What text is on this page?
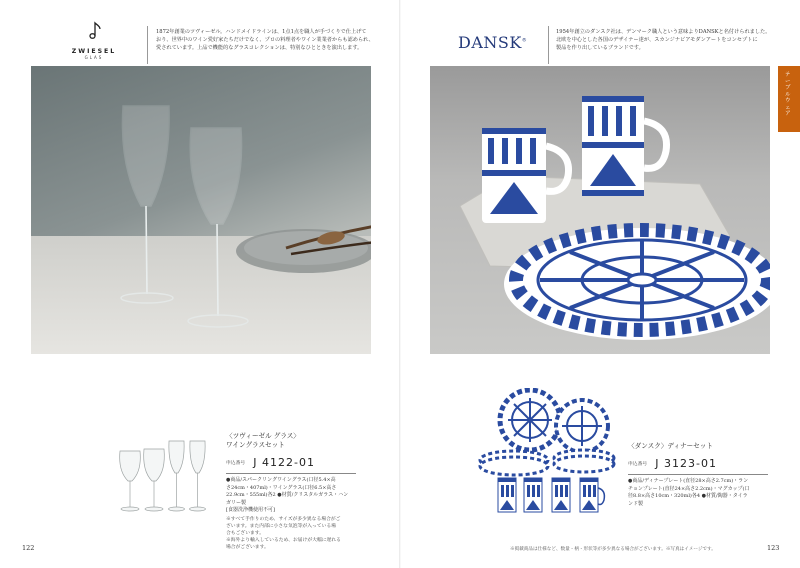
ZWIESEL
GLAS
1872年創業のツヴィーゼル。ハンドメイドラインは、1点1点を職人が手づくりで仕上げて
おり、世界中のワイン愛好家たちだけでなく、プロの料理者やワイン業業者からも認められ、
愛されています。上品で機能的なグラスコレクションは、特別なひとときを演出します。
〈ツヴィーゼル グラス〉
ワイングラスセット
申込番号 J 4122-01
●商品/スパークリングワイングラス(口径5.4×高
さ24cm・407ml)・ワイングラス(口径6.5×高さ
22.9cm・555ml)各2 ●材質/クリスタルガラス・ハン
ガリー製
[食器洗浄機使用不可]
※すべて手作りのため、サイズが多少異なる場合がご
ざいます。また内部に小さな気泡等が入っている場
合もございます。
※海外より輸入しているため、お届けが大幅に遅れる
場合がございます。
122
DANSK®
1954年創立のダンスク社は、デンマーク職人という意味よりDANSKと名付けられました。
北欧を中心とした各国のデザイナー達が、スカンジナビアモダンアートをコンセプトに
製品を作り出しているブランドです。
〈ダンスク〉ディナーセット
申込番号 J 3123-01
●商品/ディナープレート(直径28×高さ2.7cm)・ラン
チョンプレート(直径24×高さ2.2cm)・マグカップ(口
径8.8×高さ10cm・320ml)各4 ●材質/陶器・タイラ
ンド製
※掲載商品は仕様など、数量・柄・形状等が多少異なる場合がございます。※写真はイメージです。	123
テーブルウェア
